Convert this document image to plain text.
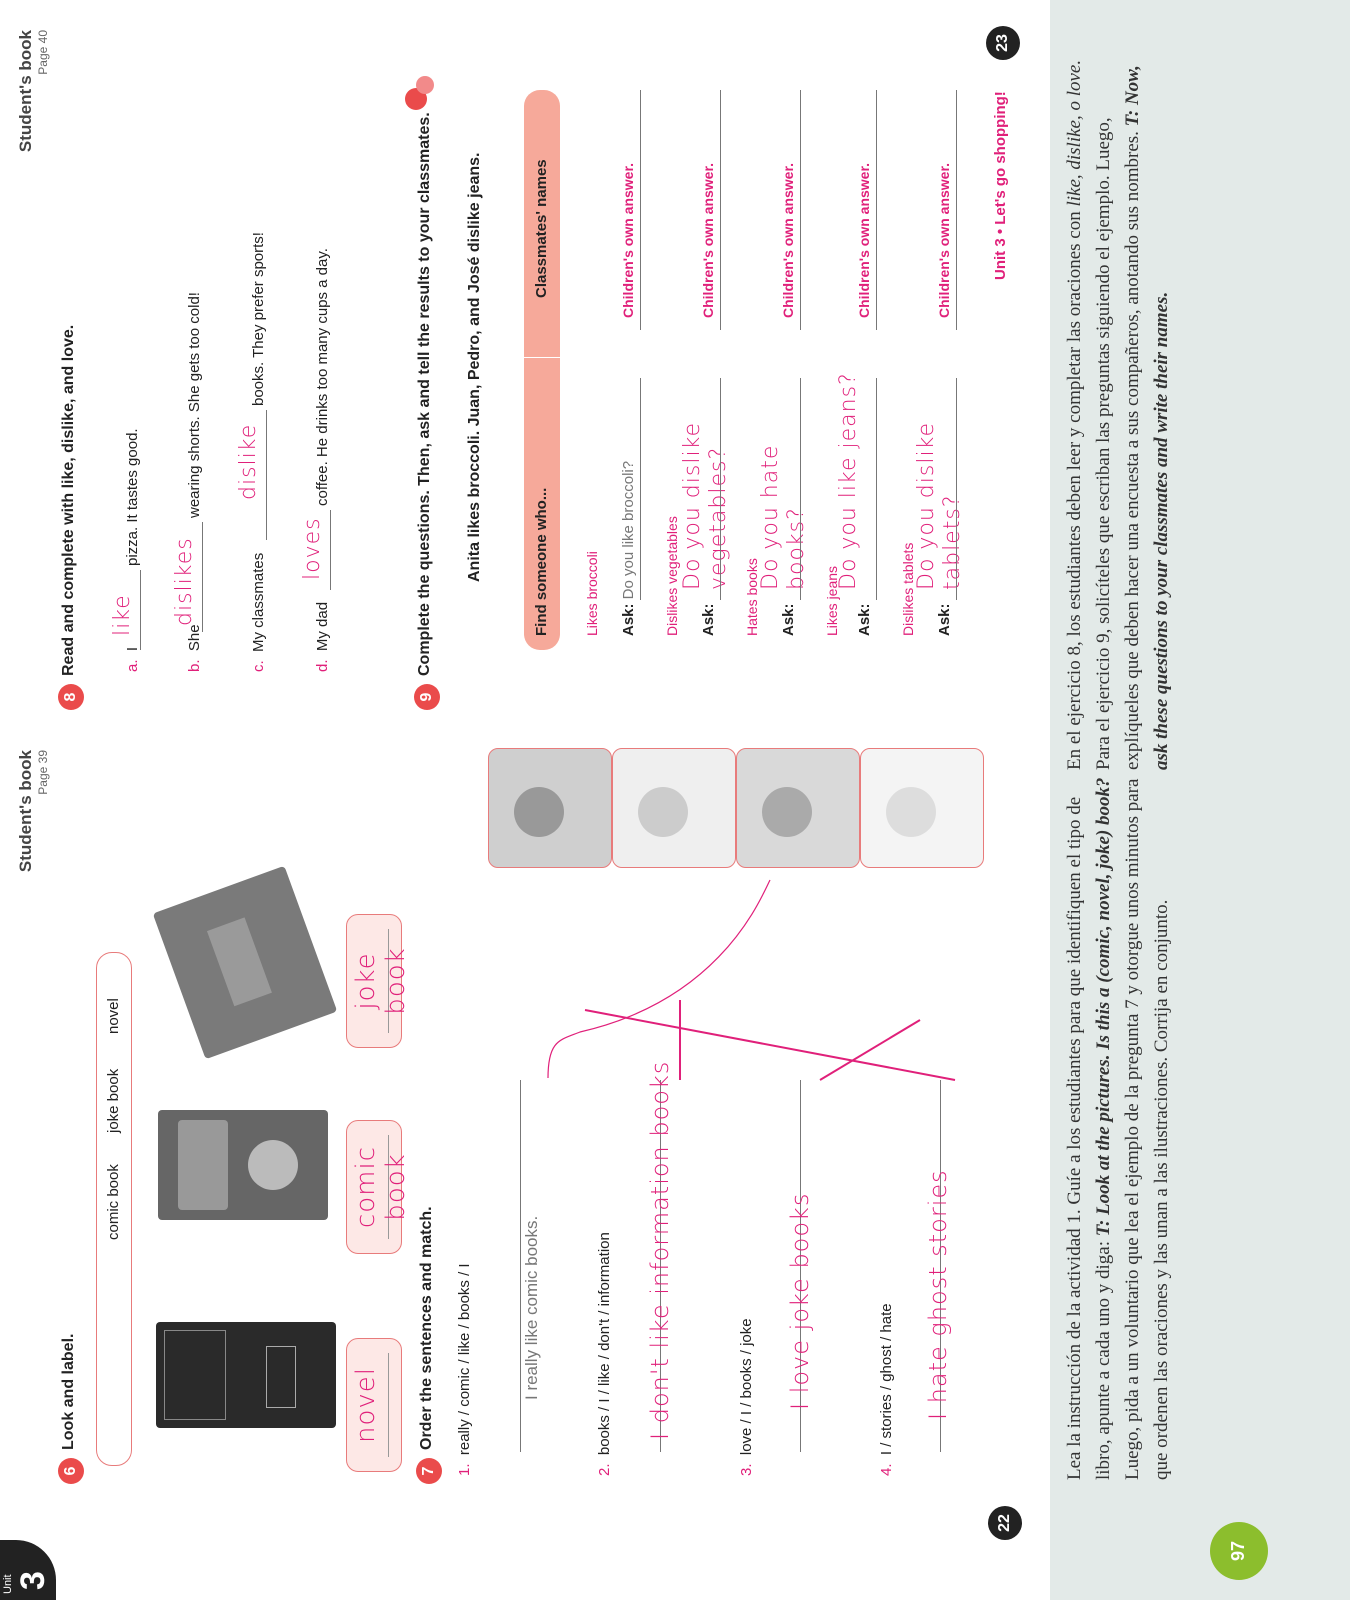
Unit 3
Student's book Page 39
6
Look and label.
comic book
joke book
novel
novel
comic book
joke book
7
Order the sentences and match.
1.  really / comic / like / books / I	I really like comic books.
2.  books / I / like / don't / information I don't like information books
3.  love / I / books / joke I love joke books
4.  I / stories / ghost / hate I hate ghost stories
22
Student's book Page 40
8
Read and complete with like, dislike, and love.	a.  I
like
pizza. It tastes good.
b.  She
dislikes
wearing shorts. She gets too cold!
c.  My classmates
dislike
books. They prefer sports!
d.  My dad
loves
coffee. He drinks too many cups a day.
9
Complete the questions. Then, ask and tell the results to your classmates. Anita likes broccoli. Juan, Pedro, and José dislike jeans.	Find someone who...
Classmates' names
Likes broccoli Ask: Do you like broccoli?
Children's own answer.
Dislikes vegetables Ask:
Do you dislike vegetables?
Children's own answer.
Hates books Ask:
Do you hate books?
Children's own answer.
Likes jeans Ask:
Do you like jeans?
Children's own answer.
Dislikes tablets Ask:
Do you dislike tablets?
Children's own answer.	Unit 3 • Let's go shopping!
23
Lea la instrucción de la actividad 1. Guíe a los estudiantes para que identifiquen el tipo de libro, apunte a cada uno y diga: T: Look at the pictures. Is this a (comic, novel, joke) book? Luego, pida a un voluntario que lea el ejemplo de la pregunta 7 y otorgue unos minutos para que ordenen las oraciones y las unan a las ilustraciones. Corrija en conjunto.
En el ejercicio 8, los estudiantes deben leer y completar las oraciones con like, dislike, o love. Para el ejercicio 9, solicíteles que escriban las preguntas siguiendo el ejemplo. Luego, explíqueles que deben hacer una encuesta a sus compañeros, anotando sus nombres. T: Now, ask these questions to your classmates and write their names.
97
